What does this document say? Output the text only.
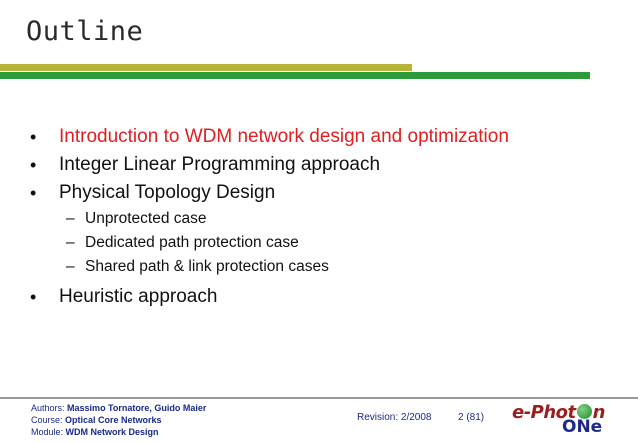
Outline
• Introduction to WDM network design and optimization
• Integer Linear Programming approach
• Physical Topology Design
– Unprotected case
– Dedicated path protection case
– Shared path & link protection cases
• Heuristic approach
Authors: Massimo Tornatore, Guido Maier
Course: Optical Core Networks
Module: WDM Network Design
Revision: 2/2008	2 (81) e-Phot n
ONe
